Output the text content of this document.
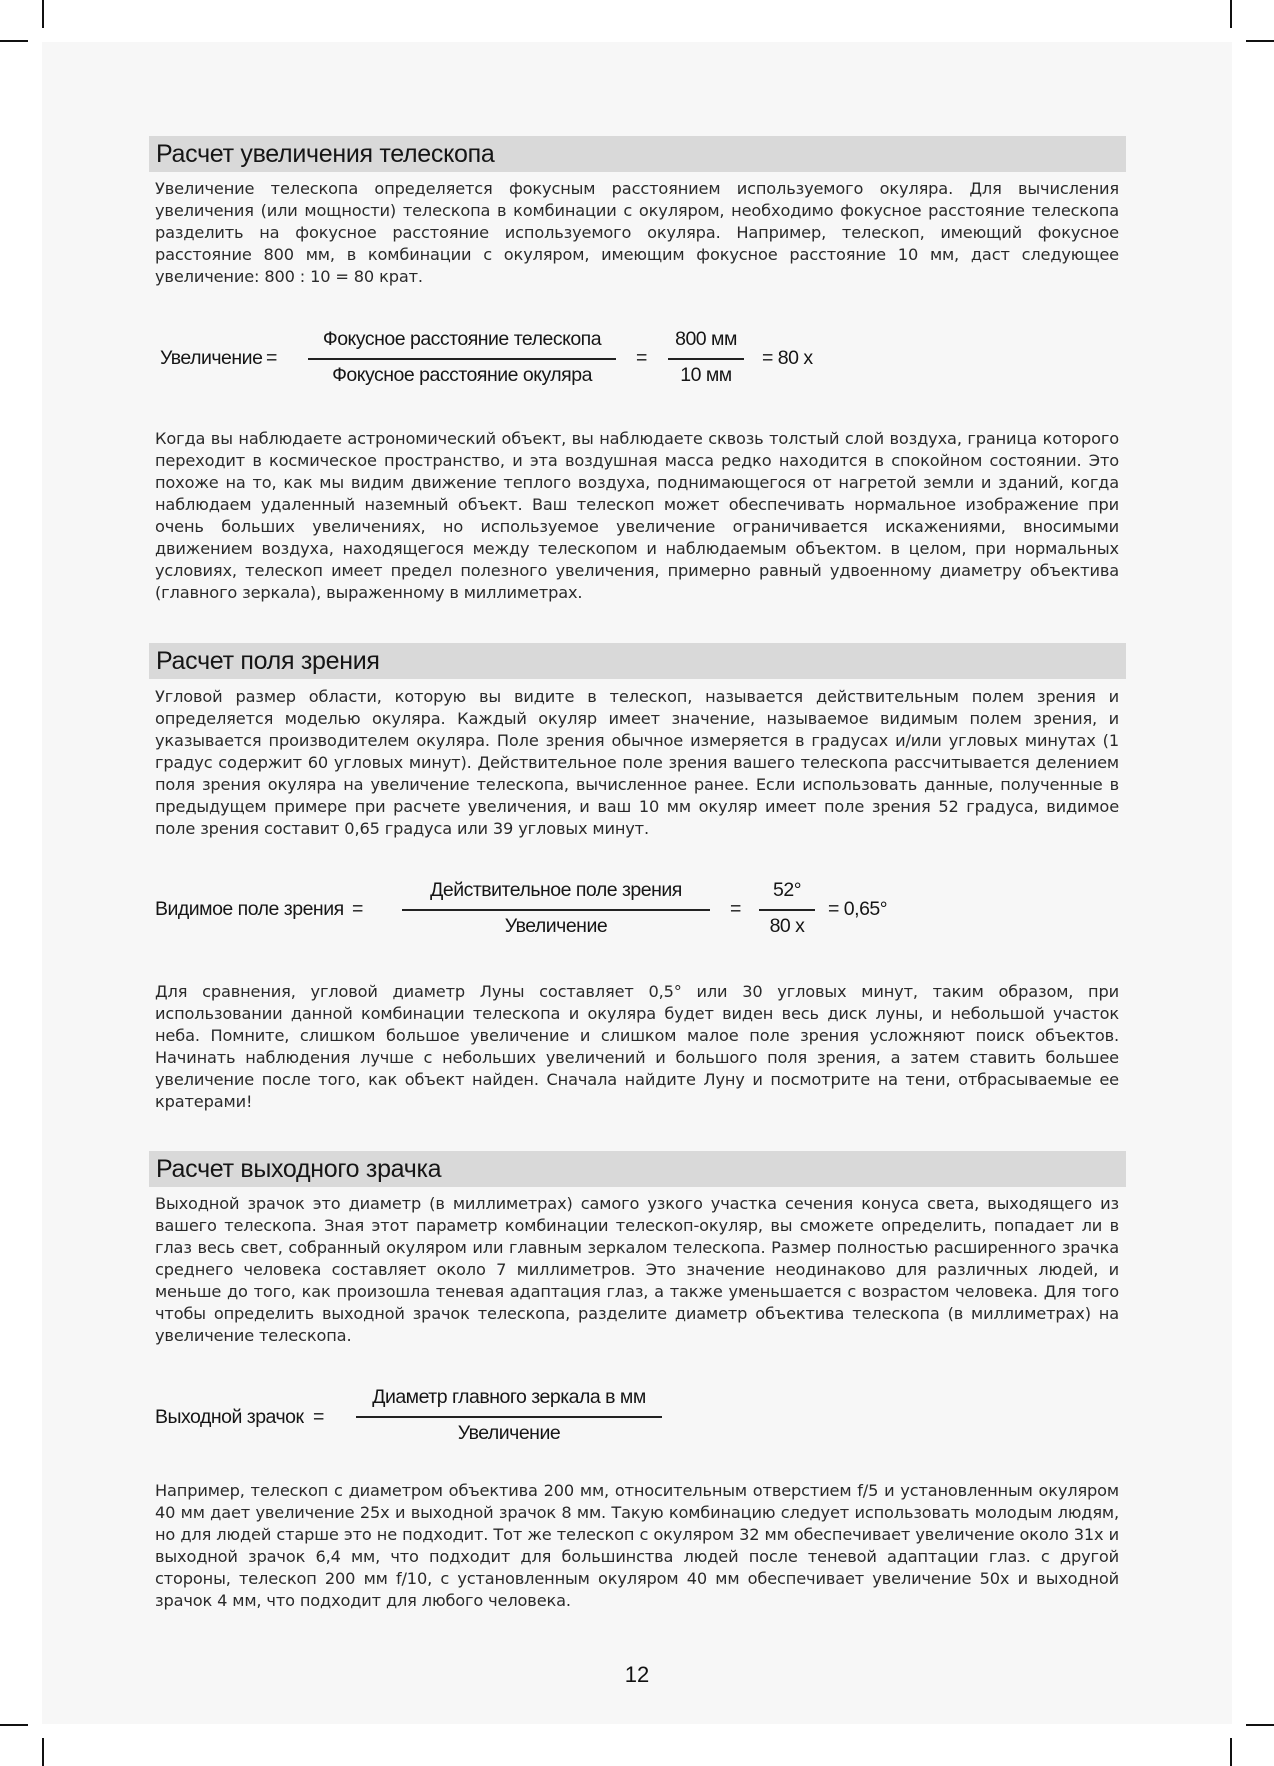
Расчет увеличения телескопа

Увеличение телескопа определяется фокусным расстоянием используемого окуляра. Для вычисления увеличения (или мощности) телескопа в комбинации с окуляром, необходимо фокусное расстояние телескопа разделить на фокусное расстояние используемого окуляра. Например, телескоп, имеющий фокусное расстояние 800 мм, в комбинации с окуляром, имеющим фокусное расстояние 10 мм, даст следующее увеличение: 800 : 10 = 80 крат.

Увеличение =
Фокусное расстояние телескопа
Фокусное расстояние окуляра
=
800 мм
10 мм
= 80 x

Когда вы наблюдаете астрономический объект, вы наблюдаете сквозь толстый слой воздуха, граница которого переходит в космическое пространство, и эта воздушная масса редко находится в спокойном состоянии. Это похоже на то, как мы видим движение теплого воздуха, поднимающегося от нагретой земли и зданий, когда наблюдаем удаленный наземный объект. Ваш телескоп может обеспечивать нормальное изображение при очень больших увеличениях, но используемое увеличение ограничивается искажениями, вносимыми движением воздуха, находящегося между телескопом и наблюдаемым объектом. в целом, при нормальных условиях, телескоп имеет предел полезного увеличения, примерно равный удвоенному диаметру объектива (главного зеркала), выраженному в миллиметрах.

Расчет поля зрения

Угловой размер области, которую вы видите в телескоп, называется действительным полем зрения и определяется моделью окуляра. Каждый окуляр имеет значение, называемое видимым полем зрения, и указывается производителем окуляра. Поле зрения обычное измеряется в градусах и/или угловых минутах (1 градус содержит 60 угловых минут). Действительное поле зрения вашего телескопа рассчитывается делением поля зрения окуляра на увеличение телескопа, вычисленное ранее. Если использовать данные, полученные в предыдущем примере при расчете увеличения, и ваш 10 мм окуляр имеет поле зрения 52 градуса, видимое поле зрения составит 0,65 градуса или 39 угловых минут.

Видимое поле зрения =
Действительное поле зрения
Увеличение
=
52°
80 x
= 0,65°

Для сравнения, угловой диаметр Луны составляет 0,5° или 30 угловых минут, таким образом, при использовании данной комбинации телескопа и окуляра будет виден весь диск луны, и небольшой участок неба. Помните, слишком большое увеличение и слишком малое поле зрения усложняют поиск объектов. Начинать наблюдения лучше с небольших увеличений и большого поля зрения, а затем ставить большее увеличение после того, как объект найден. Сначала найдите Луну и посмотрите на тени, отбрасываемые ее кратерами!

Расчет выходного зрачка

Выходной зрачок это диаметр (в миллиметрах) самого узкого участка сечения конуса света, выходящего из вашего телескопа. Зная этот параметр комбинации телескоп-окуляр, вы сможете определить, попадает ли в глаз весь свет, собранный окуляром или главным зеркалом телескопа. Размер полностью расширенного зрачка среднего человека составляет около 7 миллиметров. Это значение неодинаково для различных людей, и меньше до того, как произошла теневая адаптация глаз, а также уменьшается с возрастом человека. Для того чтобы определить выходной зрачок телескопа, разделите диаметр объектива телескопа (в миллиметрах) на увеличение телескопа.

Выходной зрачок =
Диаметр главного зеркала в мм
Увеличение

Например, телескоп с диаметром объектива 200 мм, относительным отверстием f/5 и установленным окуляром 40 мм дает увеличение 25х и выходной зрачок 8 мм. Такую комбинацию следует использовать молодым людям, но для людей старше это не подходит. Тот же телескоп с окуляром 32 мм обеспечивает увеличение около 31х и выходной зрачок 6,4 мм, что подходит для большинства людей после теневой адаптации глаз. с другой стороны, телескоп 200 мм f/10, с установленным окуляром 40 мм обеспечивает увеличение 50х и выходной зрачок 4 мм, что подходит для любого человека.

12
